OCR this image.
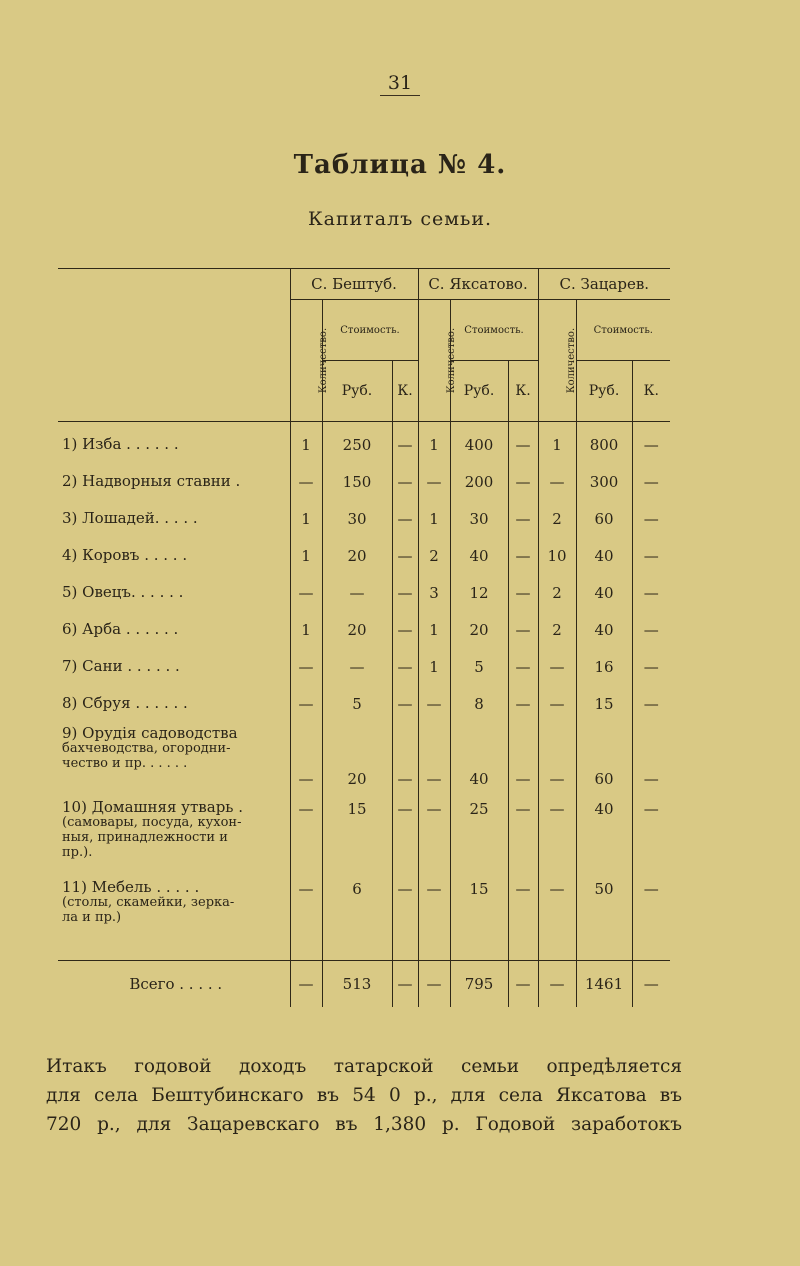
31
Таблица № 4.
Капиталъ семьи.
	С. Бештуб.			С. Яксатово.			С. Зацарев.		
	Количество.	Стоимость.		Количество.	Стоимость.		Количество.	Стоимость.	
		Руб.	К.		Руб.	К.		Руб.	К.
1) Изба . . . . . .	1	250	—	1	400	—	1	800	—
2) Надворныя ставни .	—	150	—	—	200	—	—	300	—
3) Лошадей. . . . .	1	30	—	1	30	—	2	60	—
4) Коровъ . . . . .	1	20	—	2	40	—	10	40	—
5) Овецъ. . . . . .	—	—	—	3	12	—	2	40	—
6) Арба . . . . . .	1	20	—	1	20	—	2	40	—
7) Сани . . . . . .	—	—	—	1	5	—	—	16	—
8) Сбруя . . . . . .	—	5	—	—	8	—	—	15	—

9) Орудія садоводства
бахчеводства, огородни-
чество и пр. . . . . .	—	20	—	—	40	—	—	60	—

10) Домашняя утварь .
(самовары, посуда, кухон-
ныя, принадлежности и
пр.).	—	15	—	—	25	—	—	40	—

11) Мебель . . . . .
(столы, скамейки, зерка-
ла и пр.)	—	6	—	—	15	—	—	50	—
Всего . . . . .	—	513	—	—	795	—	—	1461	—
Итакъ годовой доходъ татарской семьи опредѣляется
для села Бештубинскаго въ 54 0 р., для села Яксатова въ
720 р., для Зацаревскаго въ 1,380 р. Годовой заработокъ
